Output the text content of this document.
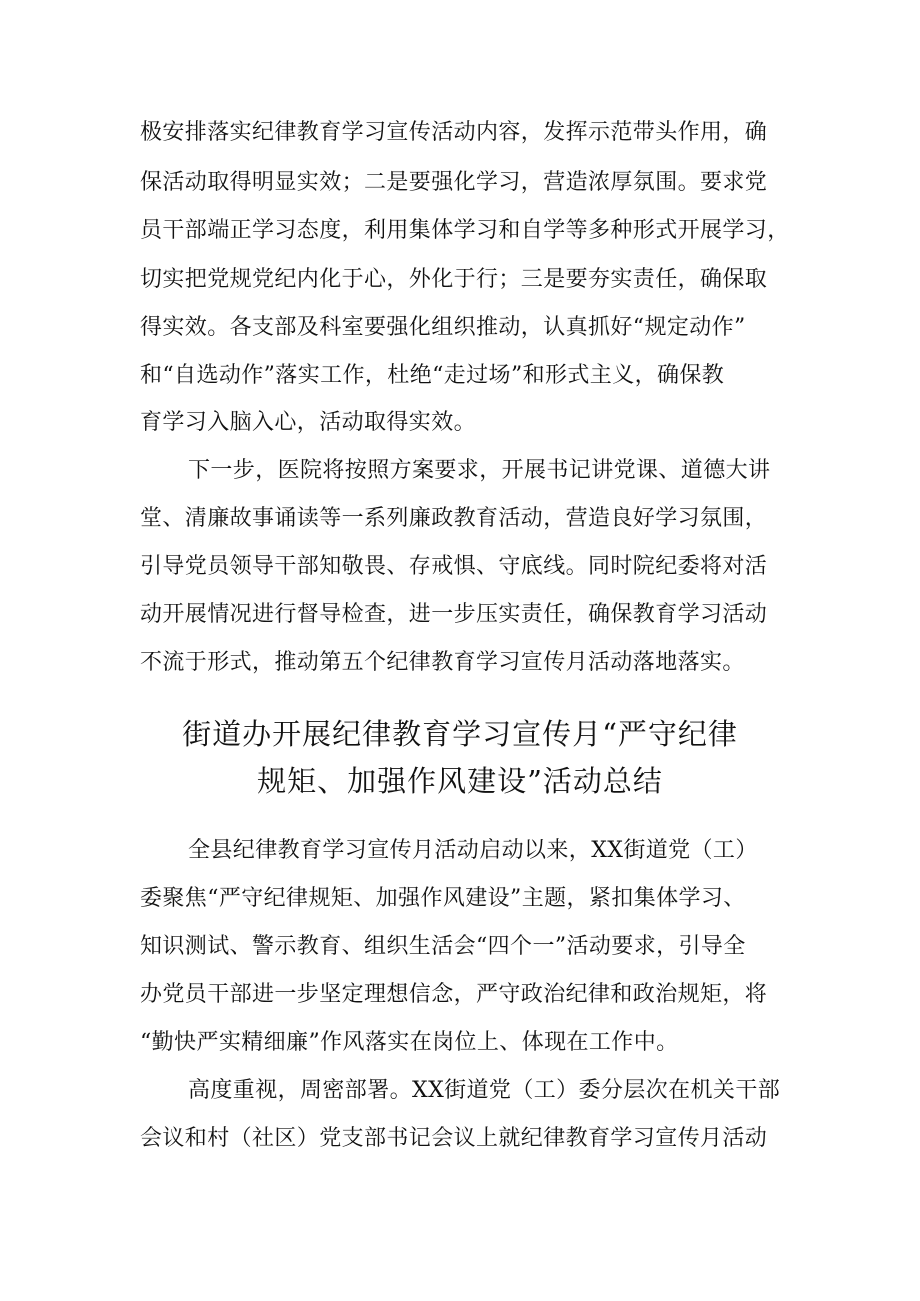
极安排落实纪律教育学习宣传活动内容，发挥示范带头作用，确
保活动取得明显实效；二是要强化学习，营造浓厚氛围。要求党
员干部端正学习态度，利用集体学习和自学等多种形式开展学习，
切实把党规党纪内化于心，外化于行；三是要夯实责任，确保取
得实效。各支部及科室要强化组织推动，认真抓好“规定动作”
和“自选动作”落实工作，杜绝“走过场”和形式主义，确保教
育学习入脑入心，活动取得实效。
下一步，医院将按照方案要求，开展书记讲党课、道德大讲
堂、清廉故事诵读等一系列廉政教育活动，营造良好学习氛围，
引导党员领导干部知敬畏、存戒惧、守底线。同时院纪委将对活
动开展情况进行督导检查，进一步压实责任，确保教育学习活动
不流于形式，推动第五个纪律教育学习宣传月活动落地落实。
街道办开展纪律教育学习宣传月“严守纪律
规矩、加强作风建设”活动总结
全县纪律教育学习宣传月活动启动以来，XX街道党（工）
委聚焦“严守纪律规矩、加强作风建设”主题，紧扣集体学习、
知识测试、警示教育、组织生活会“四个一”活动要求，引导全
办党员干部进一步坚定理想信念，严守政治纪律和政治规矩，将
“勤快严实精细廉”作风落实在岗位上、体现在工作中。
高度重视，周密部署。XX街道党（工）委分层次在机关干部
会议和村（社区）党支部书记会议上就纪律教育学习宣传月活动
